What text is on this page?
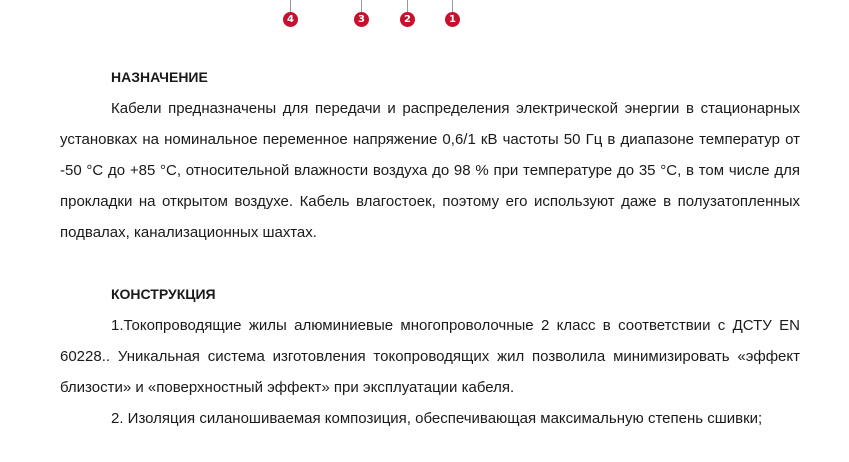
4	3	2	1
НАЗНАЧЕНИЕ

Кабели предназначены для передачи и распределения электрической энергии в стационарных установках на номинальное переменное напряжение 0,6/1 кВ частоты 50 Гц в диапазоне температур от -50 °С до +85 °С, относительной влажности воздуха до 98 % при температуре до 35 °С, в том числе для прокладки на открытом воздухе. Кабель влагостоек, поэтому его используют даже в полузатопленных подвалах, канализационных шахтах.

КОНСТРУКЦИЯ

1.Токопроводящие жилы алюминиевые многопроволочные 2 класс в соответствии с ДСТУ EN 60228.. Уникальная система изготовления токопроводящих жил позволила минимизировать «эффект близости» и «поверхностный эффект» при эксплуатации кабеля.

2. Изоляция силаношиваемая композиция, обеспечивающая максимальную степень сшивки;
